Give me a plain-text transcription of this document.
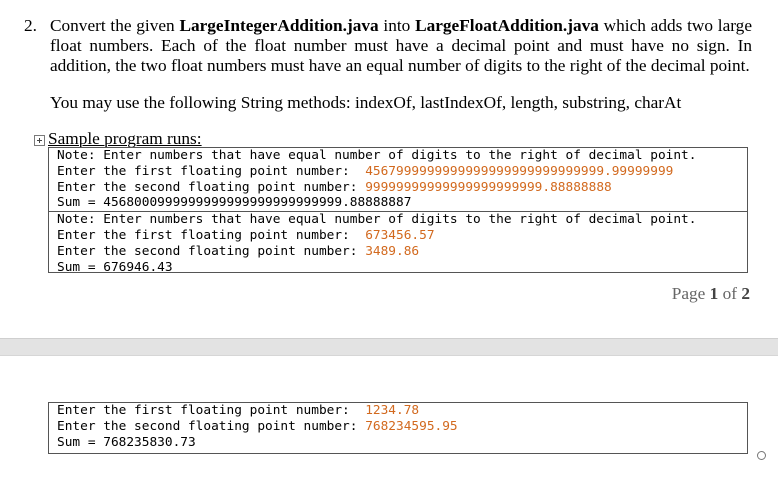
2. Convert the given LargeIntegerAddition.java into LargeFloatAddition.java which adds two large float numbers. Each of the float number must have a decimal point and must have no sign. In addition, the two float numbers must have an equal number of digits to the right of the decimal point.
You may use the following String methods: indexOf, lastIndexOf, length, substring, charAt
Sample program runs:
Note: Enter numbers that have equal number of digits to the right of decimal point.
Enter the first floating point number:  4567999999999999999999999999999.99999999
Enter the second floating point number: 99999999999999999999999.88888888
Sum = 4568000999999999999999999999999.88888887
Note: Enter numbers that have equal number of digits to the right of decimal point.
Enter the first floating point number:  673456.57
Enter the second floating point number: 3489.86
Sum = 676946.43
Page 1 of 2
Enter the first floating point number:  1234.78
Enter the second floating point number: 768234595.95
Sum = 768235830.73
